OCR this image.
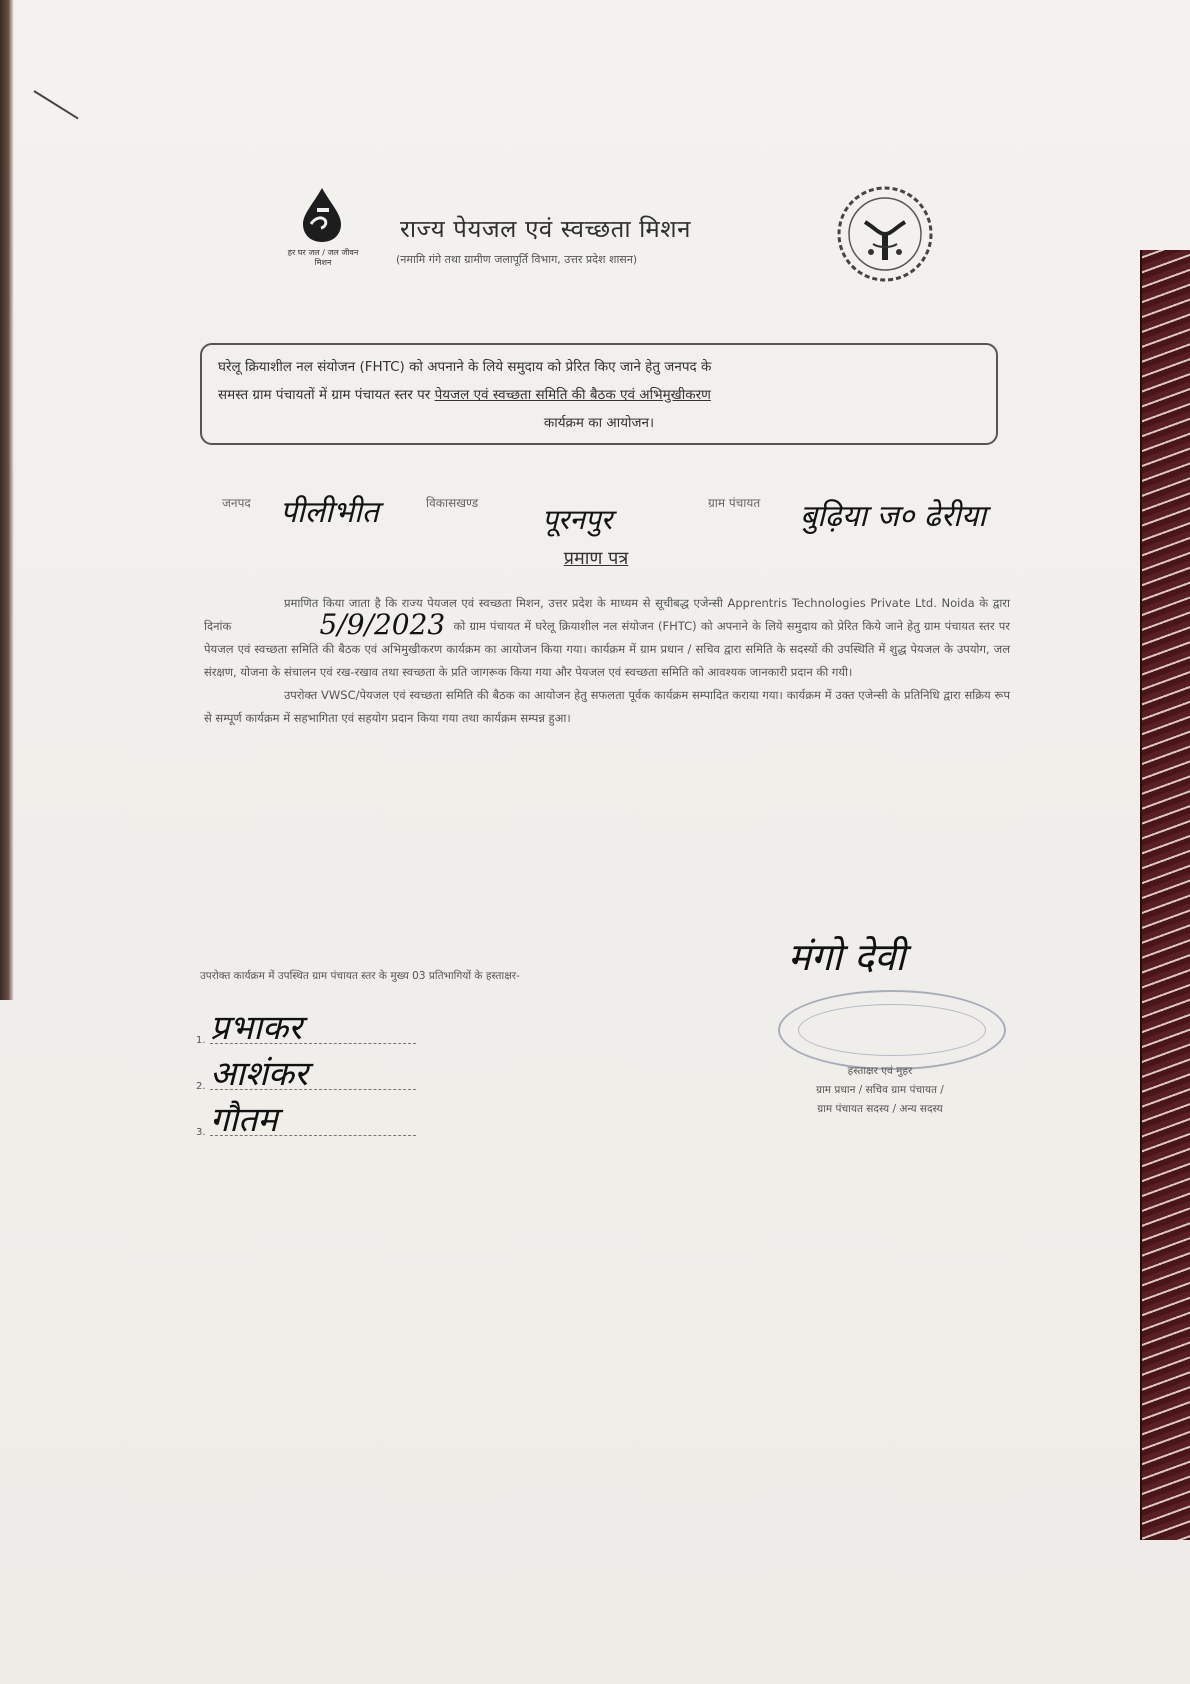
हर घर जल / जल जीवन मिशन
राज्य पेयजल एवं स्वच्छता मिशन
(नमामि गंगे तथा ग्रामीण जलापूर्ति विभाग, उत्तर प्रदेश शासन)
घरेलू क्रियाशील नल संयोजन (FHTC) को अपनाने के लिये समुदाय को प्रेरित किए जाने हेतु जनपद के
समस्त ग्राम पंचायतों में ग्राम पंचायत स्तर पर पेयजल एवं स्वच्छता समिति की बैठक एवं अभिमुखीकरण

कार्यक्रम का आयोजन।
जनपद पीलीभीत	विकासखण्ड पूरनपुर	ग्राम पंचायत बुढ़िया ज० ढेरीया
प्रमाण पत्र

प्रमाणित किया जाता है कि राज्य पेयजल एवं स्वच्छता मिशन, उत्तर प्रदेश के माध्यम से सूचीबद्ध एजेन्सी Apprentris Technologies Private Ltd. Noida के द्वारा दिनांक	5/9/2023 को ग्राम पंचायत में घरेलू क्रियाशील नल संयोजन (FHTC) को अपनाने के लिये समुदाय को प्रेरित किये जाने हेतु ग्राम पंचायत स्तर पर पेयजल एवं स्वच्छता समिति की बैठक एवं अभिमुखीकरण कार्यक्रम का आयोजन किया गया। कार्यक्रम में ग्राम प्रधान / सचिव द्वारा समिति के सदस्यों की उपस्थिति में शुद्ध पेयजल के उपयोग, जल संरक्षण, योजना के संचालन एवं रख-रखाव तथा स्वच्छता के प्रति जागरूक किया गया और पेयजल एवं स्वच्छता समिति को आवश्यक जानकारी प्रदान की गयी।

उपरोक्त VWSC/पेयजल एवं स्वच्छता समिति की बैठक का आयोजन हेतु सफलता पूर्वक कार्यक्रम सम्पादित कराया गया। कार्यक्रम में उक्त एजेन्सी के प्रतिनिधि द्वारा सक्रिय रूप से सम्पूर्ण कार्यक्रम में सहभागिता एवं सहयोग प्रदान किया गया तथा कार्यक्रम सम्पन्न हुआ।

उपरोक्त कार्यक्रम में उपस्थित ग्राम पंचायत स्तर के मुख्य 03 प्रतिभागियों के हस्ताक्षर-
1. प्रभाकर
2. आशंकर
3. गौतम
मंगो देवी
हस्ताक्षर एवं मुहर
ग्राम प्रधान / सचिव ग्राम पंचायत /
ग्राम पंचायत सदस्य / अन्य सदस्य
